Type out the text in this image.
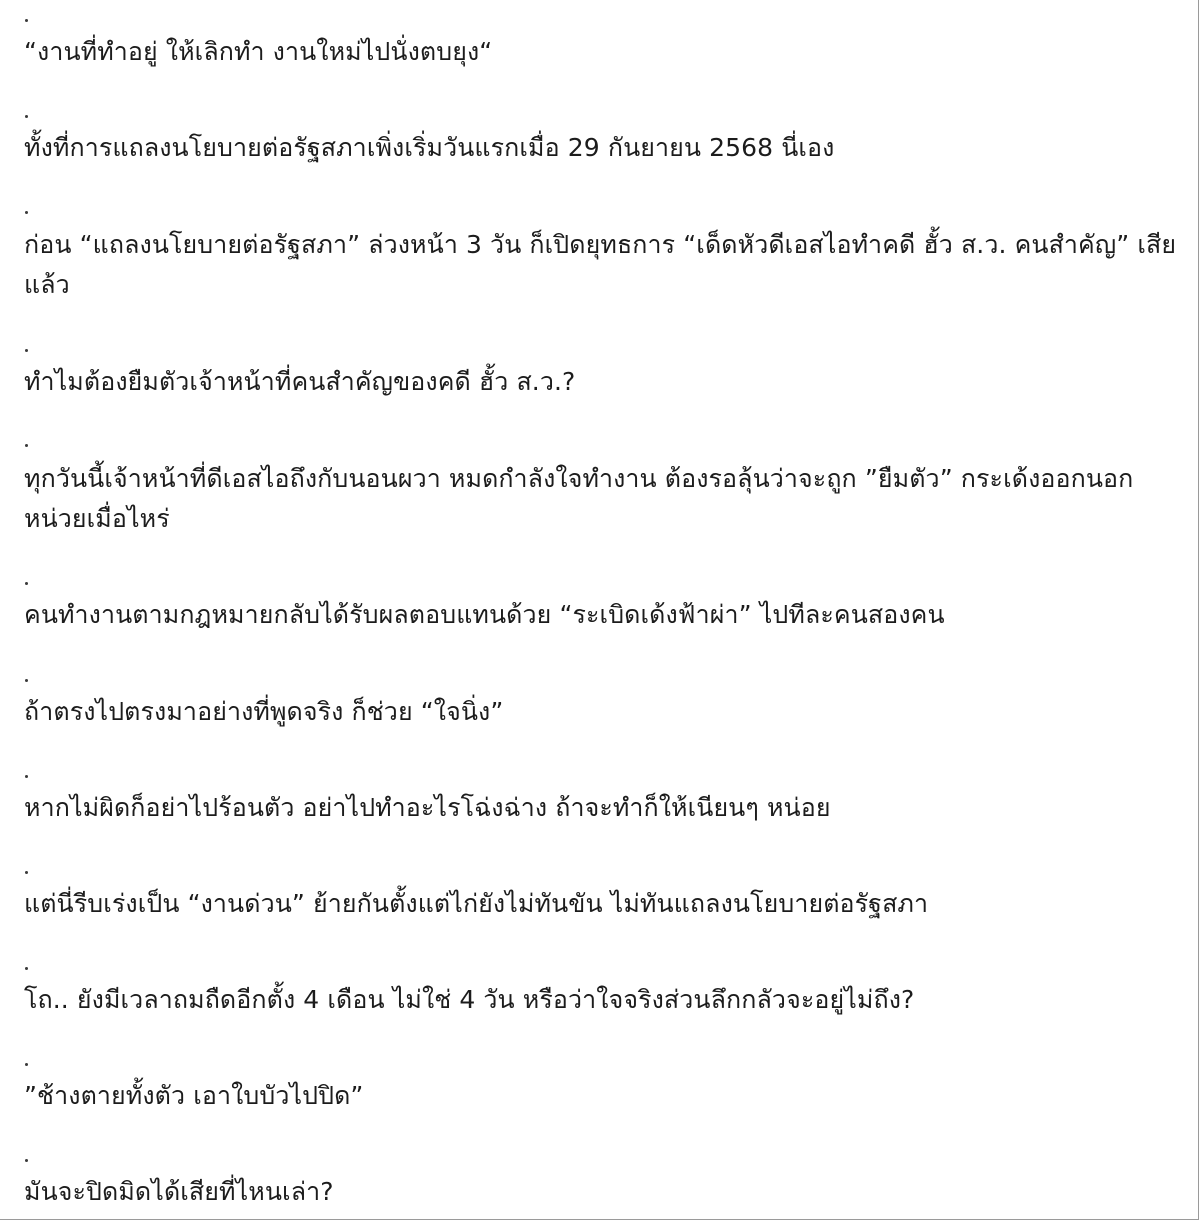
“งานที่ทำอยู่ ให้เลิกทำ งานใหม่ไปนั่งตบยุง“
ทั้งที่การแถลงนโยบายต่อรัฐสภาเพิ่งเริ่มวันแรกเมื่อ 29 กันยายน 2568 นี่เอง
ก่อน “แถลงนโยบายต่อรัฐสภา” ล่วงหน้า 3 วัน ก็เปิดยุทธการ “เด็ดหัวดีเอสไอทำคดี ฮั้ว ส.ว. คนสำคัญ” เสียแล้ว
ทำไมต้องยืมตัวเจ้าหน้าที่คนสำคัญของคดี ฮั้ว ส.ว.?
ทุกวันนี้เจ้าหน้าที่ดีเอสไอถึงกับนอนผวา หมดกำลังใจทำงาน ต้องรอลุ้นว่าจะถูก ”ยืมตัว” กระเด้งออกนอกหน่วยเมื่อไหร่
คนทำงานตามกฎหมายกลับได้รับผลตอบแทนด้วย “ระเบิดเด้งฟ้าผ่า” ไปทีละคนสองคน
ถ้าตรงไปตรงมาอย่างที่พูดจริง ก็ช่วย “ใจนิ่ง”
หากไม่ผิดก็อย่าไปร้อนตัว อย่าไปทำอะไรโฉ่งฉ่าง ถ้าจะทำก็ให้เนียนๆ หน่อย
แต่นี่รีบเร่งเป็น “งานด่วน” ย้ายกันตั้งแต่ไก่ยังไม่ทันขัน ไม่ทันแถลงนโยบายต่อรัฐสภา
โถ.. ยังมีเวลาถมถืดอีกตั้ง 4 เดือน ไม่ใช่ 4 วัน หรือว่าใจจริงส่วนลึกกลัวจะอยู่ไม่ถึง?
”ช้างตายทั้งตัว เอาใบบัวไปปิด”
มันจะปิดมิดได้เสียที่ไหนเล่า?
